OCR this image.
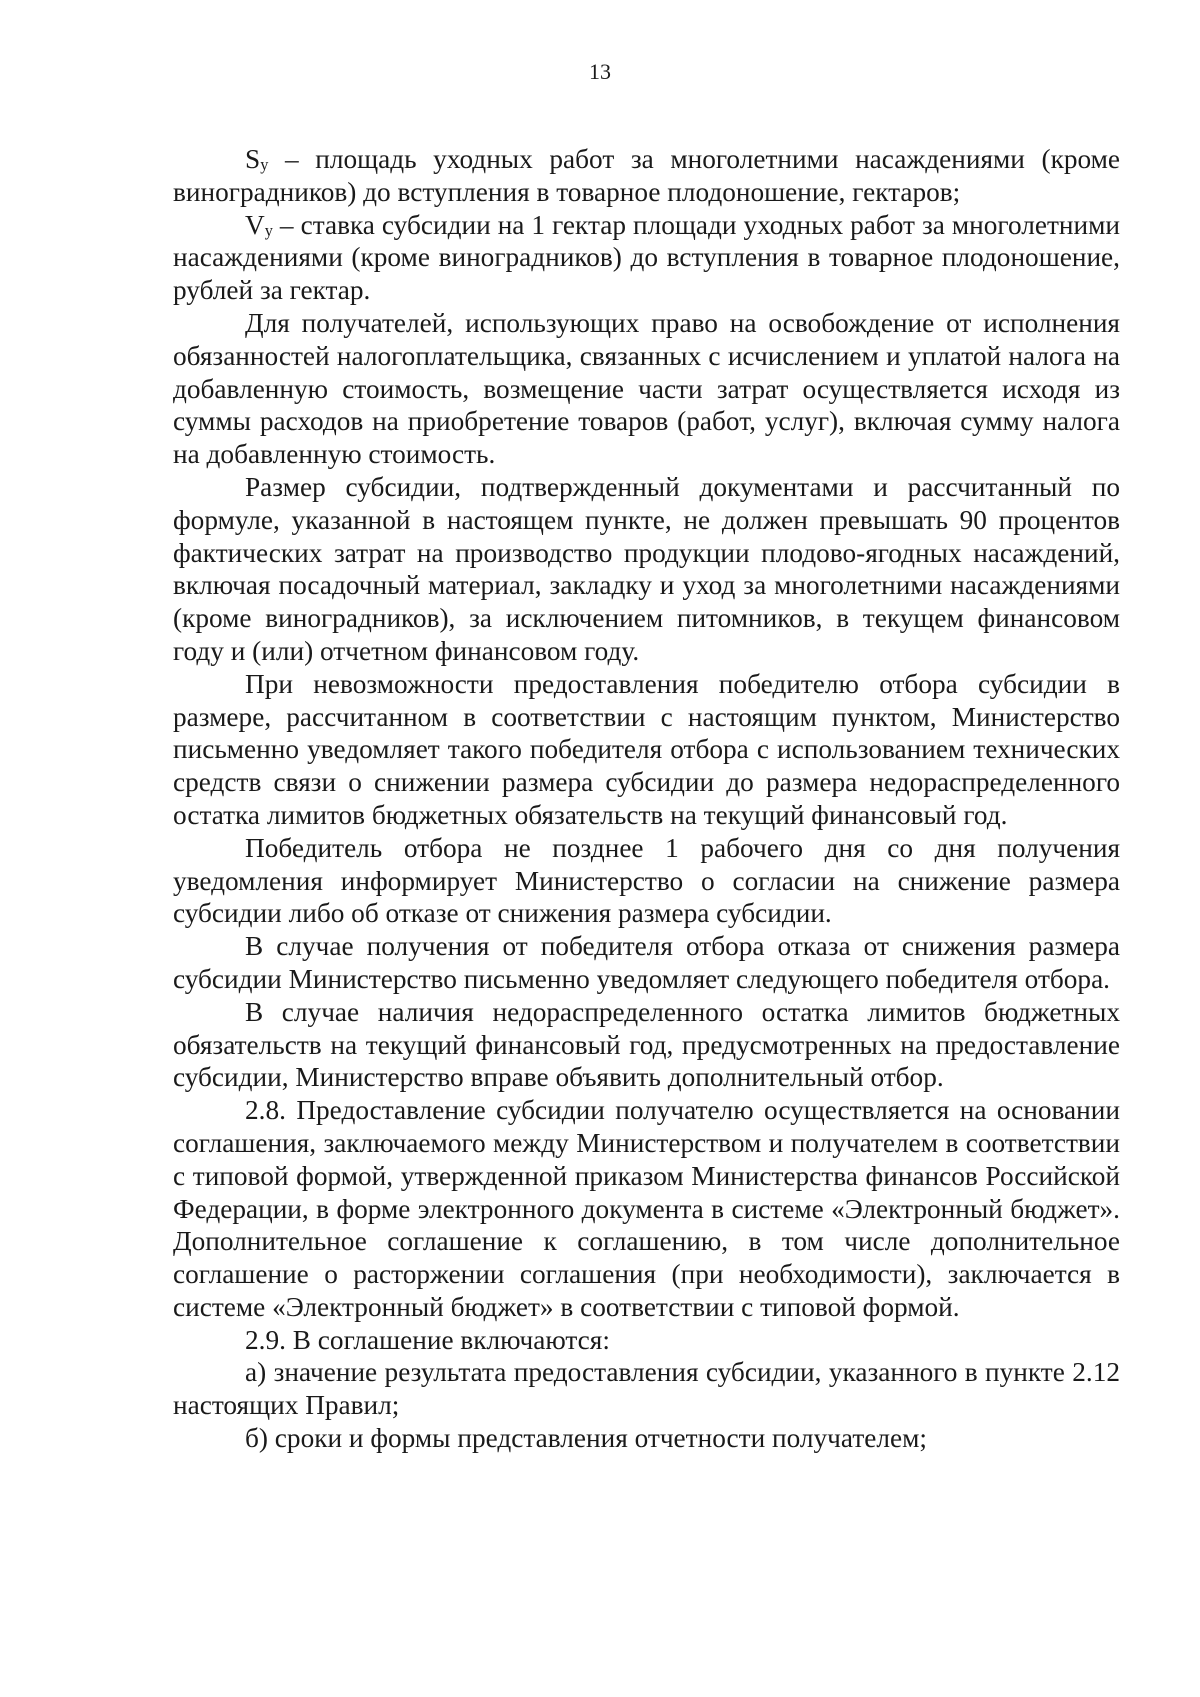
13

$S_у$ – площадь уходных работ за многолетними насаждениями (кроме виноградников) до вступления в товарное плодоношение, гектаров;

$V_у$ – ставка субсидии на 1 гектар площади уходных работ за многолетними насаждениями (кроме виноградников) до вступления в товарное плодоношение, рублей за гектар.

Для получателей, использующих право на освобождение от исполнения обязанностей налогоплательщика, связанных с исчислением и уплатой налога на добавленную стоимость, возмещение части затрат осуществляется исходя из суммы расходов на приобретение товаров (работ, услуг), включая сумму налога на добавленную стоимость.

Размер субсидии, подтвержденный документами и рассчитанный по формуле, указанной в настоящем пункте, не должен превышать 90 процентов фактических затрат на производство продукции плодово-ягодных насаждений, включая посадочный материал, закладку и уход за многолетними насаждениями (кроме виноградников), за исключением питомников, в текущем финансовом году и (или) отчетном финансовом году.

При невозможности предоставления победителю отбора субсидии в размере, рассчитанном в соответствии с настоящим пунктом, Министерство письменно уведомляет такого победителя отбора с использованием технических средств связи о снижении размера субсидии до размера недораспределенного остатка лимитов бюджетных обязательств на текущий финансовый год.

Победитель отбора не позднее 1 рабочего дня со дня получения уведомления информирует Министерство о согласии на снижение размера субсидии либо об отказе от снижения размера субсидии.

В случае получения от победителя отбора отказа от снижения размера субсидии Министерство письменно уведомляет следующего победителя отбора.

В случае наличия недораспределенного остатка лимитов бюджетных обязательств на текущий финансовый год, предусмотренных на предоставление субсидии, Министерство вправе объявить дополнительный отбор.

2.8. Предоставление субсидии получателю осуществляется на основании соглашения, заключаемого между Министерством и получателем в соответствии с типовой формой, утвержденной приказом Министерства финансов Российской Федерации, в форме электронного документа в системе «Электронный бюджет». Дополнительное соглашение к соглашению, в том числе дополнительное соглашение о расторжении соглашения (при необходимости), заключается в системе «Электронный бюджет» в соответствии с типовой формой.

2.9. В соглашение включаются:

а) значение результата предоставления субсидии, указанного в пункте 2.12 настоящих Правил;

б) сроки и формы представления отчетности получателем;
